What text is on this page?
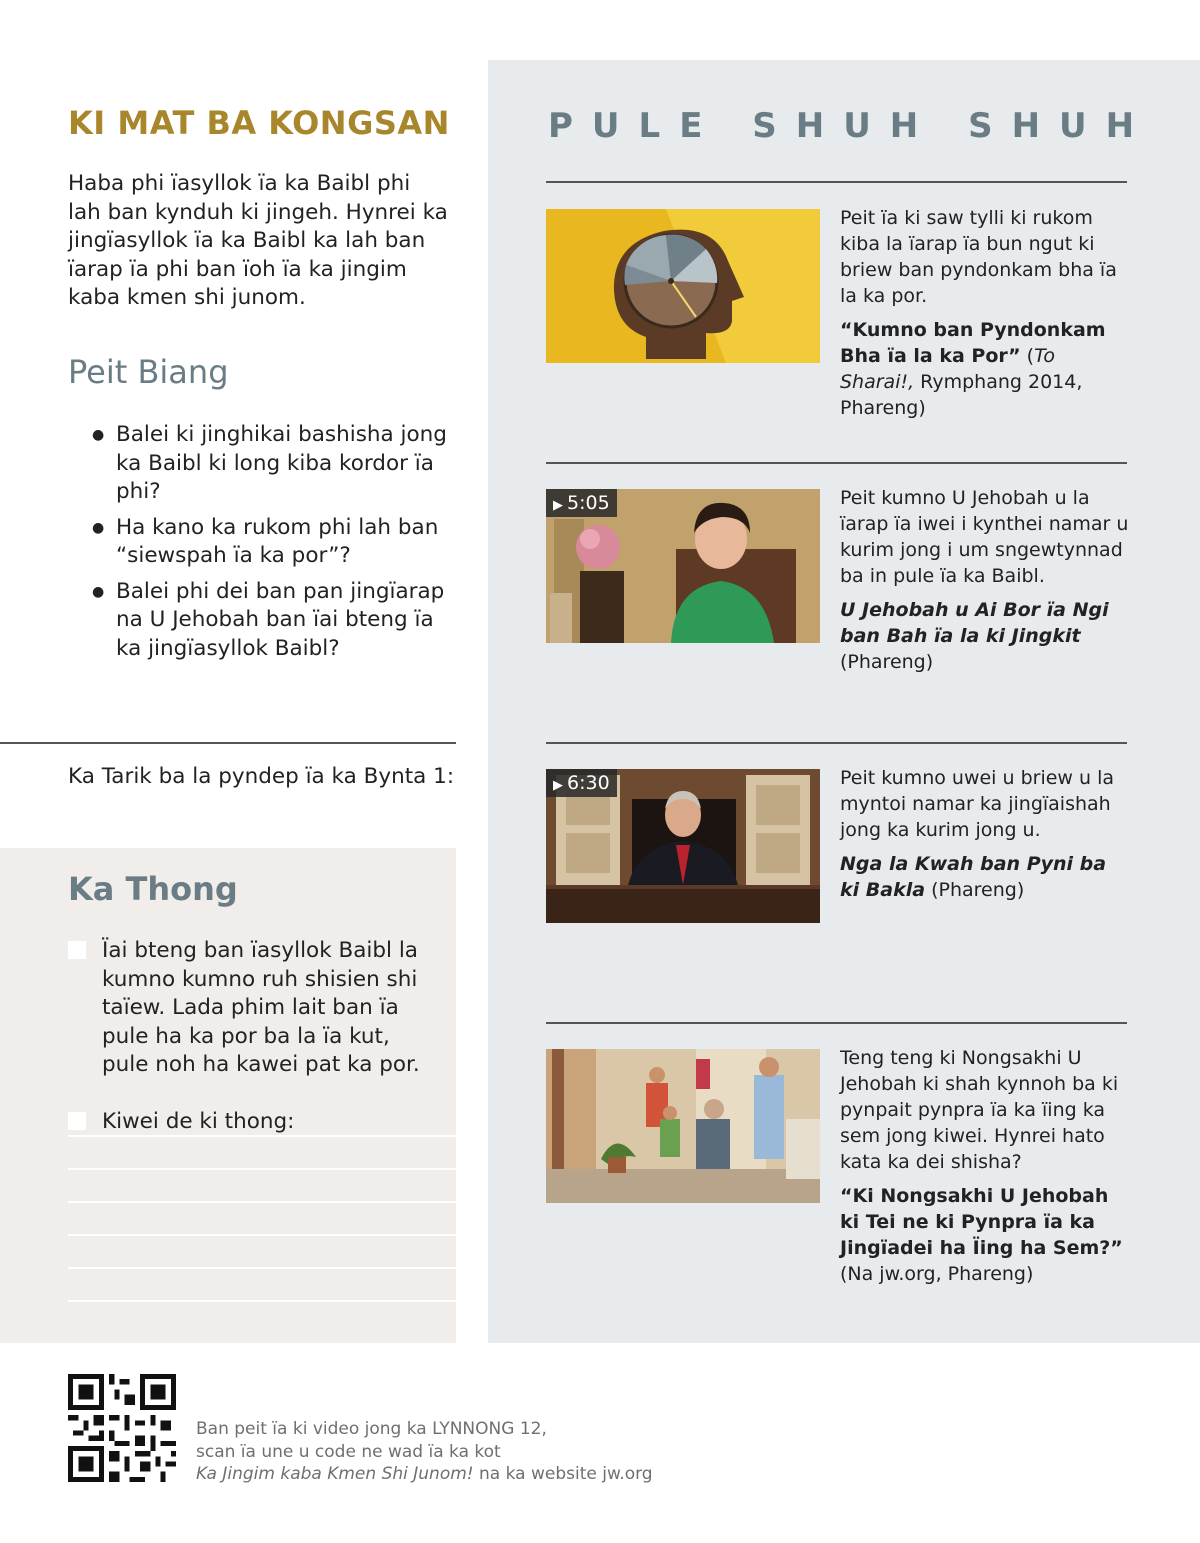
KI MAT BA KONGSAN

Haba phi ïasyllok ïa ka Baibl phi lah ban kynduh ki jingeh. Hynrei ka jingïasyllok ïa ka Baibl ka lah ban ïarap ïa phi ban ïoh ïa ka jingim kaba kmen shi junom.

Peit Biang
● Balei ki jinghikai bashisha jong ka Baibl ki long kiba kordor ïa phi?
● Ha kano ka rukom phi lah ban “siewspah ïa ka por”?
● Balei phi dei ban pan jingïarap na U Jehobah ban ïai bteng ïa ka jingïasyllok Baibl?
Ka Tarik ba la pyndep ïa ka Bynta 1:
Ka Thong
Ïai bteng ban ïasyllok Baibl la kumno kumno ruh shisien shi taïew. Lada phim lait ban ïa pule ha ka por ba la ïa kut, pule noh ha kawei pat ka por.
Kiwei de ki thong:
PULE SHUH SHUH
Peit ïa ki saw tylli ki rukom kiba la ïarap ïa bun ngut ki briew ban pyndonkam bha ïa la ka por.
“Kumno ban Pyndonkam Bha ïa la ka Por” (To Sharai!, Rymphang 2014, Phareng)
▶ 5:05	Peit kumno U Jehobah u la ïarap ïa iwei i kynthei namar u kurim jong i um sngewtynnad ba in pule ïa ka Baibl.
U Jehobah u Ai Bor ïa Ngi ban Bah ïa la ki Jingkit (Phareng)
▶ 6:30	Peit kumno uwei u briew u la myntoi namar ka jingïaishah jong ka kurim jong u.
Nga la Kwah ban Pyni ba ki Bakla (Phareng)
Teng teng ki Nongsakhi U Jehobah ki shah kynnoh ba ki pynpait pynpra ïa ka ïing ka sem jong kiwei. Hynrei hato kata ka dei shisha?
“Ki Nongsakhi U Jehobah ki Tei ne ki Pynpra ïa ka Jingïadei ha Ïing ha Sem?” (Na jw.org, Phareng)
Ban peit ïa ki video jong ka LYNNONG 12,
scan ïa une u code ne wad ïa ka kot
Ka Jingim kaba Kmen Shi Junom! na ka website jw.org
